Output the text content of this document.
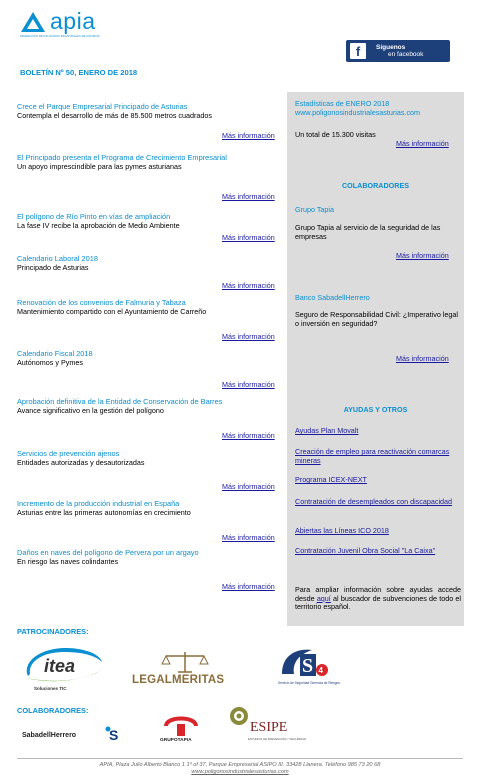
apia
FEDERACIÓN DE POLÍGONOS INDUSTRIALES DE ASTURIAS
f	Síguenos
en facebook
BOLETÍN Nº 50, ENERO DE 2018
Crece el Parque Empresarial Principado de Asturias
Contempla el desarrollo de más de 85.500 metros cuadrados
Más información
El Principado presenta el Programa de Crecimiento Empresarial
Un apoyo imprescindible para las pymes asturianas
Más información
El polígono de Río Pinto en vías de ampliación
La fase IV recibe la aprobación de Medio Ambiente
Más información
Calendario Laboral 2018
Principado de Asturias
Más información
Renovación de los convenios de Falmuria y Tabaza
Mantenimiento compartido con el Ayuntamiento de Carreño
Más información
Calendario Fiscal 2018
Autónomos y Pymes
Más información
Aprobación definitiva de la Entidad de Conservación de Barres
Avance significativo en la gestión del polígono
Más información
Servicios de prevención ajenos
Entidades autorizadas y desautorizadas
Más información
Incremento de la producción industrial en España
Asturias entre las primeras autonomías en crecimiento
Más información
Daños en naves del polígono de Pervera por un argayo
En riesgo las naves colindantes
Más información
Estadísticas de ENERO 2018
www.poligonosindustrialesasturias.com
Un total de 15.300 visitas
Más información
COLABORADORES
Grupo Tapia
Grupo Tapia al servicio de la seguridad de las empresas
Más información
Banco SabadellHerrero
Seguro de Responsabilidad Civil: ¿Imperativo legal o inversión en seguridad?
Más información
AYUDAS Y OTROS
Ayudas Plan Movalt
Creación de empleo para reactivación comarcas mineras
Programa ICEX-NEXT
Contratación de desempleados con discapacidad
Abiertas las Líneas ICO 2018
Contratación Juvenil Obra Social "La Caixa"
Para ampliar información sobre ayudas accede desde aquí al buscador de subvenciones de todo el territorio español.
PATROCINADORES:
itea
Soluciones TIC
LEGALMERITAS
S 4
Servicio de Seguridad Gerencia de Riesgos
COLABORADORES:
SabadellHerrero S	GRUPOTAPIA
ESIPE
ESTUDIOS DE PREVENCIÓN Y SEGURIDAD
APIA, Plaza Julio Alberto Blanco 1 1º of 37, Parque Empresarial ASIPO III. 33428 Llanera. Teléfono 985 73 20 68
www.poligonosindustrialesasturias.com
